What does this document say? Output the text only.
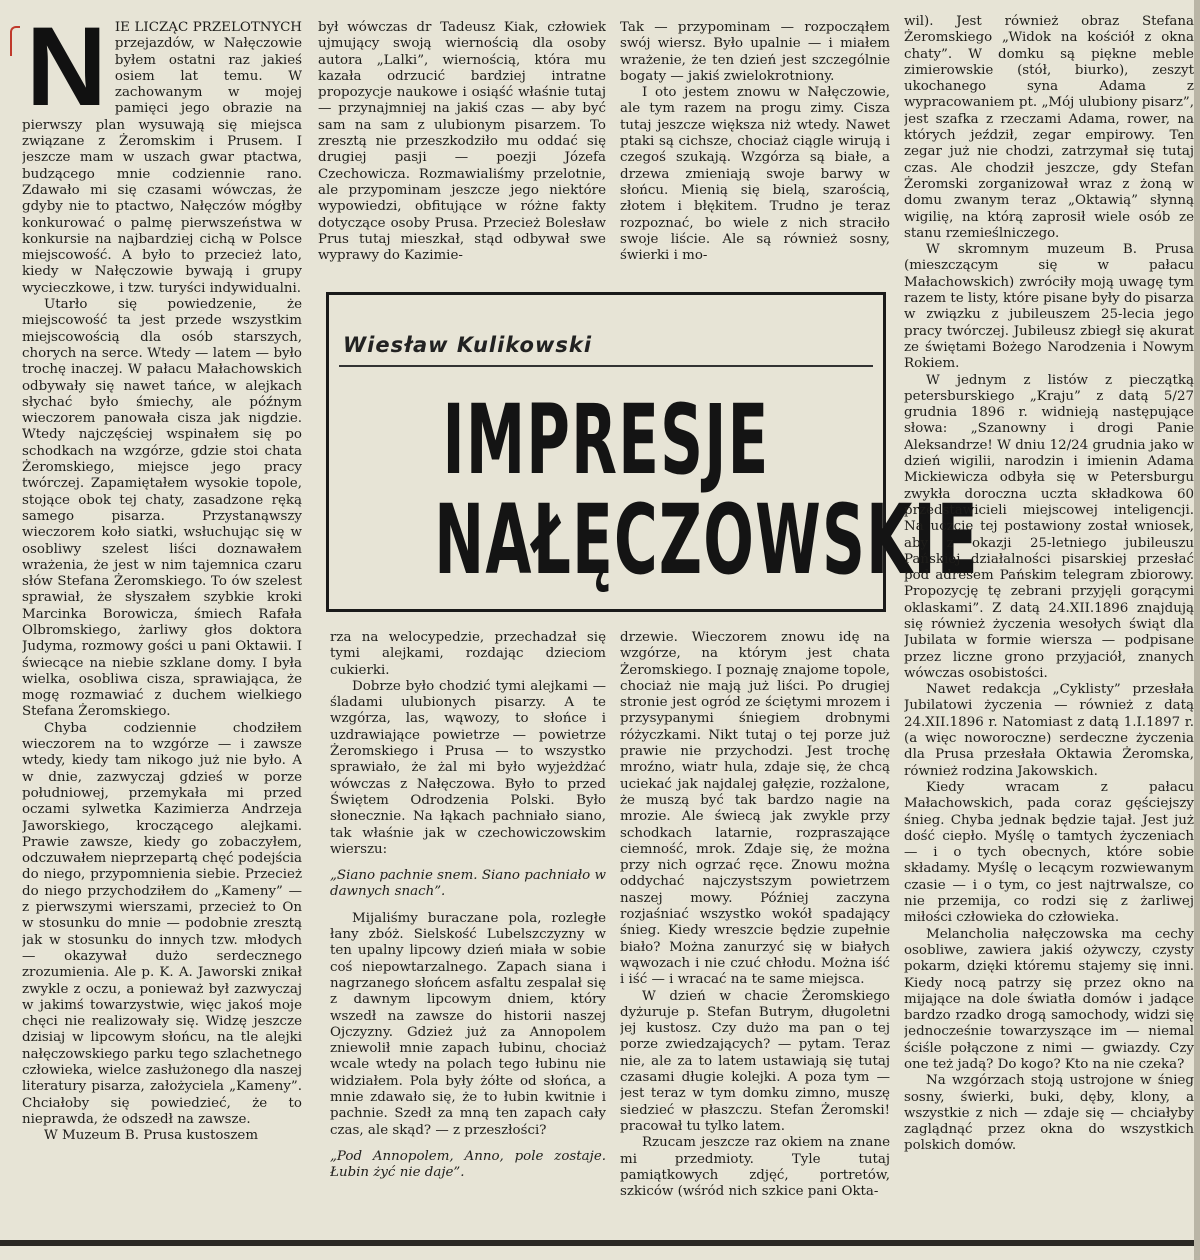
N IE LICZĄC PRZELOTNYCH przejazdów, w Nałęczowie byłem ostatni raz jakieś osiem lat temu. W zachowanym w mojej pamięci jego obrazie na pierwszy plan wysuwają się miejsca związane z Żeromskim i Prusem. I jeszcze mam w uszach gwar ptactwa, budzącego mnie codziennie rano. Zdawało mi się czasami wówczas, że gdyby nie to ptactwo, Nałęczów mógłby konkurować o palmę pierwszeństwa w konkursie na najbardziej cichą w Polsce miejscowość. A było to przecież lato, kiedy w Nałęczowie bywają i grupy wycieczkowe, i tzw. turyści indywidualni.

Utarło się powiedzenie, że miejscowość ta jest przede wszystkim miejscowością dla osób starszych, chorych na serce. Wtedy — latem — było trochę inaczej. W pałacu Małachowskich odbywały się nawet tańce, w alejkach słychać było śmiechy, ale późnym wieczorem panowała cisza jak nigdzie. Wtedy najczęściej wspinałem się po schodkach na wzgórze, gdzie stoi chata Żeromskiego, miejsce jego pracy twórczej. Zapamiętałem wysokie topole, stojące obok tej chaty, zasadzone ręką samego pisarza. Przystanąwszy wieczorem koło siatki, wsłuchując się w osobliwy szelest liści doznawałem wrażenia, że jest w nim tajemnica czaru słów Stefana Żeromskiego. To ów szelest sprawiał, że słyszałem szybkie kroki Marcinka Borowicza, śmiech Rafała Olbromskiego, żarliwy głos doktora Judyma, rozmowy gości u pani Oktawii. I świecące na niebie szklane domy. I była wielka, osobliwa cisza, sprawiająca, że mogę rozmawiać z duchem wielkiego Stefana Żeromskiego.

Chyba codziennie chodziłem wieczorem na to wzgórze — i zawsze wtedy, kiedy tam nikogo już nie było. A w dnie, zazwyczaj gdzieś w porze południowej, przemykała mi przed oczami sylwetka Kazimierza Andrzeja Jaworskiego, kroczącego alejkami. Prawie zawsze, kiedy go zobaczyłem, odczuwałem nieprzepartą chęć podejścia do niego, przypomnienia siebie. Przecież do niego przychodziłem do „Kameny” — z pierwszymi wierszami, przecież to On w stosunku do mnie — podobnie zresztą jak w stosunku do innych tzw. młodych — okazywał dużo serdecznego zrozumienia. Ale p. K. A. Jaworski znikał zwykle z oczu, a ponieważ był zazwyczaj w jakimś towarzystwie, więc jakoś moje chęci nie realizowały się. Widzę jeszcze dzisiaj w lipcowym słońcu, na tle alejki nałęczowskiego parku tego szlachetnego człowieka, wielce zasłużonego dla naszej literatury pisarza, założyciela „Kameny”. Chciałoby się powiedzieć, że to nieprawda, że odszedł na zawsze.

W Muzeum B. Prusa kustoszem

był wówczas dr Tadeusz Kiak, człowiek ujmujący swoją wiernością dla osoby autora „Lalki”, wiernością, która mu kazała odrzucić bardziej intratne propozycje naukowe i osiąść właśnie tutaj — przynajmniej na jakiś czas — aby być sam na sam z ulubionym pisarzem. To zresztą nie przeszkodziło mu oddać się drugiej pasji — poezji Józefa Czechowicza. Rozmawialiśmy przelotnie, ale przypominam jeszcze jego niektóre wypowiedzi, obfitujące w różne fakty dotyczące osoby Prusa. Przecież Bolesław Prus tutaj mieszkał, stąd odbywał swe wyprawy do Kazimie-

Tak — przypominam — rozpocząłem swój wiersz. Było upalnie — i miałem wrażenie, że ten dzień jest szczególnie bogaty — jakiś zwielokrotniony.

I oto jestem znowu w Nałęczowie, ale tym razem na progu zimy. Cisza tutaj jeszcze większa niż wtedy. Nawet ptaki są cichsze, chociaż ciągle wirują i czegoś szukają. Wzgórza są białe, a drzewa zmieniają swoje barwy w słońcu. Mienią się bielą, szarością, złotem i błękitem. Trudno je teraz rozpoznać, bo wiele z nich straciło swoje liście. Ale są również sosny, świerki i mo-

Wiesław Kulikowski
IMPRESJE
NAŁĘCZOWSKIE

rza na welocypedzie, przechadzał się tymi alejkami, rozdając dzieciom cukierki.

Dobrze było chodzić tymi alejkami — śladami ulubionych pisarzy. A te wzgórza, las, wąwozy, to słońce i uzdrawiające powietrze — powietrze Żeromskiego i Prusa — to wszystko sprawiało, że żal mi było wyjeżdżać wówczas z Nałęczowa. Było to przed Świętem Odrodzenia Polski. Było słonecznie. Na łąkach pachniało siano, tak właśnie jak w czechowiczowskim wierszu:

„Siano pachnie snem. Siano pachniało w dawnych snach”.

Mijaliśmy buraczane pola, rozległe łany zbóż. Sielskość Lubelszczyzny w ten upalny lipcowy dzień miała w sobie coś niepowtarzalnego. Zapach siana i nagrzanego słońcem asfaltu zespalał się z dawnym lipcowym dniem, który wszedł na zawsze do historii naszej Ojczyzny. Gdzież już za Annopolem zniewolił mnie zapach łubinu, chociaż wcale wtedy na polach tego łubinu nie widziałem. Pola były żółte od słońca, a mnie zdawało się, że to łubin kwitnie i pachnie. Szedł za mną ten zapach cały czas, ale skąd? — z przeszłości?

„Pod Annopolem, Anno, pole zostaje. Łubin żyć nie daje”.

drzewie. Wieczorem znowu idę na wzgórze, na którym jest chata Żeromskiego. I poznaję znajome topole, chociaż nie mają już liści. Po drugiej stronie jest ogród ze ściętymi mrozem i przysypanymi śniegiem drobnymi różyczkami. Nikt tutaj o tej porze już prawie nie przychodzi. Jest trochę mroźno, wiatr hula, zdaje się, że chcą uciekać jak najdalej gałęzie, rozżalone, że muszą być tak bardzo nagie na mrozie. Ale świecą jak zwykle przy schodkach latarnie, rozpraszające ciemność, mrok. Zdaje się, że można przy nich ogrzać ręce. Znowu można oddychać najczystszym powietrzem naszej mowy. Później zaczyna rozjaśniać wszystko wokół spadający śnieg. Kiedy wreszcie będzie zupełnie biało? Można zanurzyć się w białych wąwozach i nie czuć chłodu. Można iść i iść — i wracać na te same miejsca.

W dzień w chacie Żeromskiego dyżuruje p. Stefan Butrym, długoletni jej kustosz. Czy dużo ma pan o tej porze zwiedzających? — pytam. Teraz nie, ale za to latem ustawiają się tutaj czasami długie kolejki. A poza tym — jest teraz w tym domku zimno, muszę siedzieć w płaszczu. Stefan Żeromski! pracował tu tylko latem.

Rzucam jeszcze raz okiem na znane mi przedmioty. Tyle tutaj pamiątkowych zdjęć, portretów, szkiców (wśród nich szkice pani Okta-

wil). Jest również obraz Stefana Żeromskiego „Widok na kościół z okna chaty”. W domku są piękne meble zimierowskie (stół, biurko), zeszyt ukochanego syna Adama z wypracowaniem pt. „Mój ulubiony pisarz”, jest szafka z rzeczami Adama, rower, na których jeździł, zegar empirowy. Ten zegar już nie chodzi, zatrzymał się tutaj czas. Ale chodził jeszcze, gdy Stefan Żeromski zorganizował wraz z żoną w domu zwanym teraz „Oktawią” słynną wigilię, na którą zaprosił wiele osób ze stanu rzemieślniczego.

W skromnym muzeum B. Prusa (mieszczącym się w pałacu Małachowskich) zwróciły moją uwagę tym razem te listy, które pisane były do pisarza w związku z jubileuszem 25-lecia jego pracy twórczej. Jubileusz zbiegł się akurat ze świętami Bożego Narodzenia i Nowym Rokiem.

W jednym z listów z pieczątką petersburskiego „Kraju” z datą 5/27 grudnia 1896 r. widnieją następujące słowa: „Szanowny i drogi Panie Aleksandrze! W dniu 12/24 grudnia jako w dzień wigilii, narodzin i imienin Adama Mickiewicza odbyła się w Petersburgu zwykła doroczna uczta składkowa 60 przedstawicieli miejscowej inteligencji. Na uczcie tej postawiony został wniosek, aby z okazji 25-letniego jubileuszu Pańskiej działalności pisarskiej przesłać pod adresem Pańskim telegram zbiorowy. Propozycję tę zebrani przyjęli gorącymi oklaskami”. Z datą 24.XII.1896 znajdują się również życzenia wesołych świąt dla Jubilata w formie wiersza — podpisane przez liczne grono przyjaciół, znanych wówczas osobistości.

Nawet redakcja „Cyklisty” przesłała Jubilatowi życzenia — również z datą 24.XII.1896 r. Natomiast z datą 1.I.1897 r. (a więc noworoczne) serdeczne życzenia dla Prusa przesłała Oktawia Żeromska, również rodzina Jakowskich.

Kiedy wracam z pałacu Małachowskich, pada coraz gęściejszy śnieg. Chyba jednak będzie tajał. Jest już dość ciepło. Myślę o tamtych życzeniach — i o tych obecnych, które sobie składamy. Myślę o lecącym rozwiewanym czasie — i o tym, co jest najtrwalsze, co nie przemija, co rodzi się z żarliwej miłości człowieka do człowieka.

Melancholia nałęczowska ma cechy osobliwe, zawiera jakiś ożywczy, czysty pokarm, dzięki któremu stajemy się inni. Kiedy nocą patrzy się przez okno na mijające na dole światła domów i jadące bardzo rzadko drogą samochody, widzi się jednocześnie towarzyszące im — niemal ściśle połączone z nimi — gwiazdy. Czy one też jadą? Do kogo? Kto na nie czeka?

Na wzgórzach stoją ustrojone w śnieg sosny, świerki, buki, dęby, klony, a wszystkie z nich — zdaje się — chciałyby zaglądnąć przez okna do wszystkich polskich domów.
